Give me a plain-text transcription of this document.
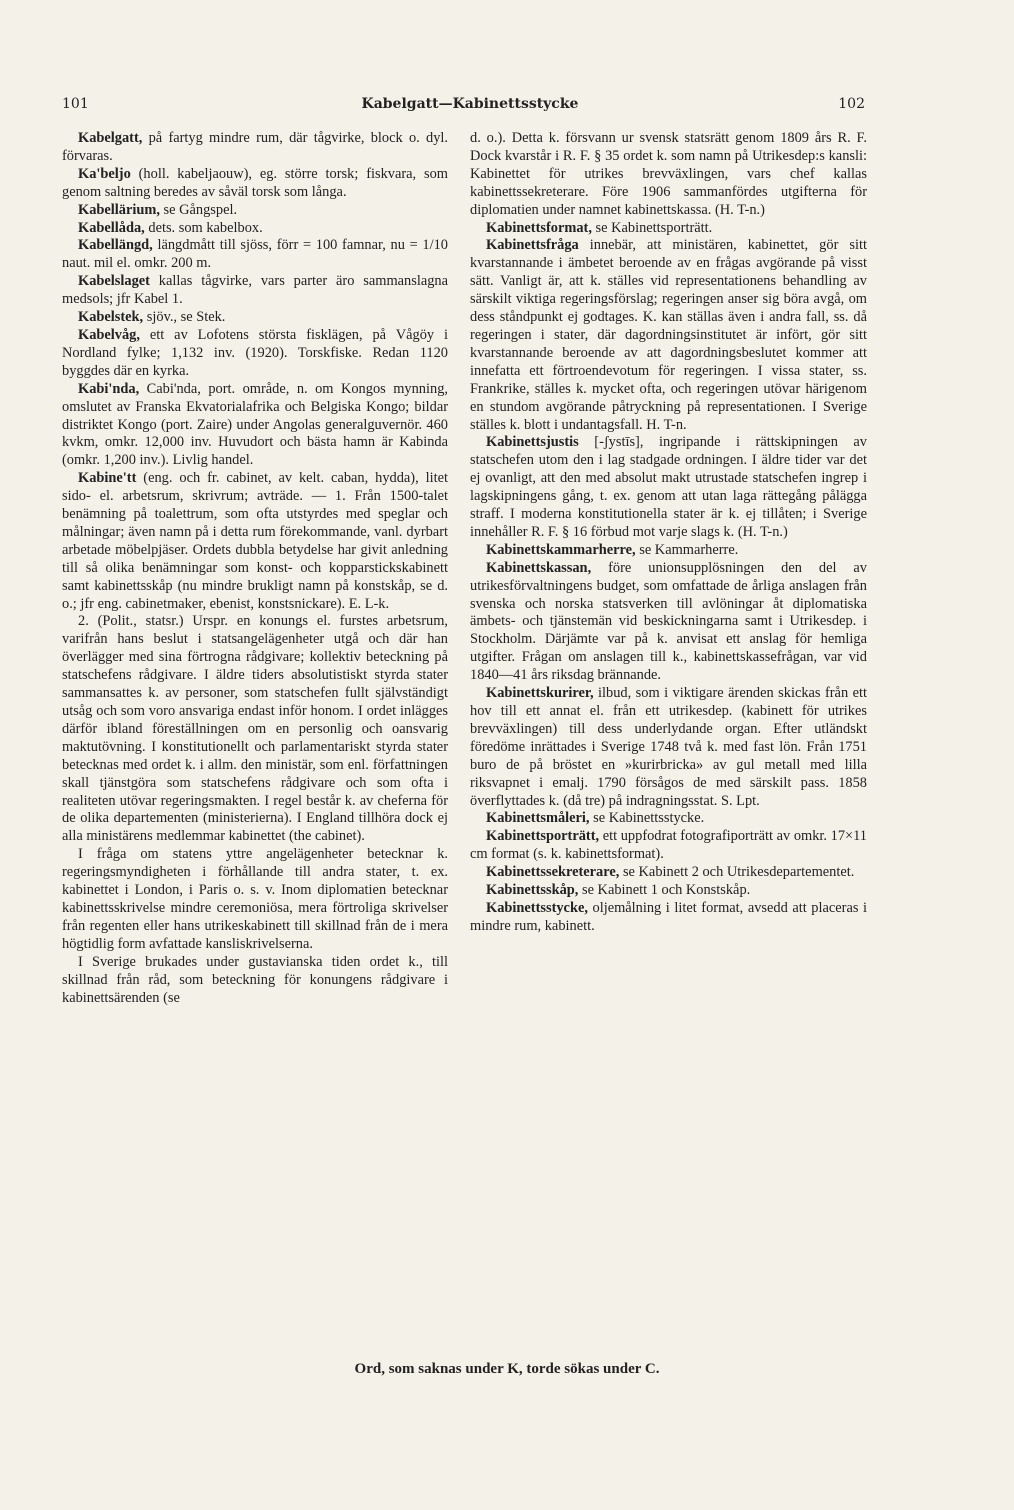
101	Kabelgatt—Kabinettsstycke	102

Kabelgatt, på fartyg mindre rum, där tågvirke, block o. dyl. förvaras.

Ka'beljo (holl. kabeljaouw), eg. större torsk; fiskvara, som genom saltning beredes av såväl torsk som långa.

Kabellärium, se Gångspel.

Kabellåda, dets. som kabelbox.

Kabellängd, längdmått till sjöss, förr = 100 famnar, nu = 1/10 naut. mil el. omkr. 200 m.

Kabelslaget kallas tågvirke, vars parter äro sammanslagna medsols; jfr Kabel 1.

Kabelstek, sjöv., se Stek.

Kabelvåg, ett av Lofotens största fisklägen, på Vågöy i Nordland fylke; 1,132 inv. (1920). Torskfiske. Redan 1120 byggdes där en kyrka.

Kabi'nda, Cabi'nda, port. område, n. om Kongos mynning, omslutet av Franska Ekvatorialafrika och Belgiska Kongo; bildar distriktet Kongo (port. Zaire) under Angolas generalguvernör. 460 kvkm, omkr. 12,000 inv. Huvudort och bästa hamn är Kabinda (omkr. 1,200 inv.). Livlig handel.

Kabine'tt (eng. och fr. cabinet, av kelt. caban, hydda), litet sido- el. arbetsrum, skrivrum; avträde. — 1. Från 1500-talet benämning på toalettrum, som ofta utstyrdes med speglar och målningar; även namn på i detta rum förekommande, vanl. dyrbart arbetade möbelpjäser. Ordets dubbla betydelse har givit anledning till så olika benämningar som konst- och kopparstickskabinett samt kabinettsskåp (nu mindre brukligt namn på konstskåp, se d. o.; jfr eng. cabinetmaker, ebenist, konstsnickare). E. L-k.

2. (Polit., statsr.) Urspr. en konungs el. furstes arbetsrum, varifrån hans beslut i statsangelägenheter utgå och där han överlägger med sina förtrogna rådgivare; kollektiv beteckning på statschefens rådgivare. I äldre tiders absolutistiskt styrda stater sammansattes k. av personer, som statschefen fullt självständigt utsåg och som voro ansvariga endast inför honom. I ordet inlägges därför ibland föreställningen om en personlig och oansvarig maktutövning. I konstitutionellt och parlamentariskt styrda stater betecknas med ordet k. i allm. den ministär, som enl. författningen skall tjänstgöra som statschefens rådgivare och som ofta i realiteten utövar regeringsmakten. I regel består k. av cheferna för de olika departementen (ministerierna). I England tillhöra dock ej alla ministärens medlemmar kabinettet (the cabinet).

I fråga om statens yttre angelägenheter betecknar k. regeringsmyndigheten i förhållande till andra stater, t. ex. kabinettet i London, i Paris o. s. v. Inom diplomatien betecknar kabinettsskrivelse mindre ceremoniösa, mera förtroliga skrivelser från regenten eller hans utrikeskabinett till skillnad från de i mera högtidlig form avfattade kansliskrivelserna.

I Sverige brukades under gustavianska tiden ordet k., till skillnad från råd, som beteckning för konungens rådgivare i kabinettsärenden (se

d. o.). Detta k. försvann ur svensk statsrätt genom 1809 års R. F. Dock kvarstår i R. F. § 35 ordet k. som namn på Utrikesdep:s kansli: Kabinettet för utrikes brevväxlingen, vars chef kallas kabinettssekreterare. Före 1906 sammanfördes utgifterna för diplomatien under namnet kabinettskassa. (H. T-n.)

Kabinettsformat, se Kabinettsporträtt.

Kabinettsfråga innebär, att ministären, kabinettet, gör sitt kvarstannande i ämbetet beroende av en frågas avgörande på visst sätt. Vanligt är, att k. ställes vid representationens behandling av särskilt viktiga regeringsförslag; regeringen anser sig böra avgå, om dess ståndpunkt ej godtages. K. kan ställas även i andra fall, ss. då regeringen i stater, där dagordningsinstitutet är infört, gör sitt kvarstannande beroende av att dagordningsbeslutet kommer att innefatta ett förtroendevotum för regeringen. I vissa stater, ss. Frankrike, ställes k. mycket ofta, och regeringen utövar härigenom en stundom avgörande påtryckning på representationen. I Sverige ställes k. blott i undantagsfall. H. T-n.

Kabinettsjustis [-ʃystīs], ingripande i rättskipningen av statschefen utom den i lag stadgade ordningen. I äldre tider var det ej ovanligt, att den med absolut makt utrustade statschefen ingrep i lagskipningens gång, t. ex. genom att utan laga rättegång pålägga straff. I moderna konstitutionella stater är k. ej tillåten; i Sverige innehåller R. F. § 16 förbud mot varje slags k. (H. T-n.)

Kabinettskammarherre, se Kammarherre.

Kabinettskassan, före unionsupplösningen den del av utrikesförvaltningens budget, som omfattade de årliga anslagen från svenska och norska statsverken till avlöningar åt diplomatiska ämbets- och tjänstemän vid beskickningarna samt i Utrikesdep. i Stockholm. Därjämte var på k. anvisat ett anslag för hemliga utgifter. Frågan om anslagen till k., kabinettskassefrågan, var vid 1840—41 års riksdag brännande.

Kabinettskurirer, ilbud, som i viktigare ärenden skickas från ett hov till ett annat el. från ett utrikesdep. (kabinett för utrikes brevväxlingen) till dess underlydande organ. Efter utländskt föredöme inrättades i Sverige 1748 två k. med fast lön. Från 1751 buro de på bröstet en »kurirbricka» av gul metall med lilla riksvapnet i emalj. 1790 försågos de med särskilt pass. 1858 överflyttades k. (då tre) på indragningsstat. S. Lpt.

Kabinettsmåleri, se Kabinettsstycke.

Kabinettsporträtt, ett uppfodrat fotografiporträtt av omkr. 17×11 cm format (s. k. kabinettsformat).

Kabinettssekreterare, se Kabinett 2 och Utrikesdepartementet.

Kabinettsskåp, se Kabinett 1 och Konstskåp.

Kabinettsstycke, oljemålning i litet format, avsedd att placeras i mindre rum, kabinett.

Ord, som saknas under K, torde sökas under C.
